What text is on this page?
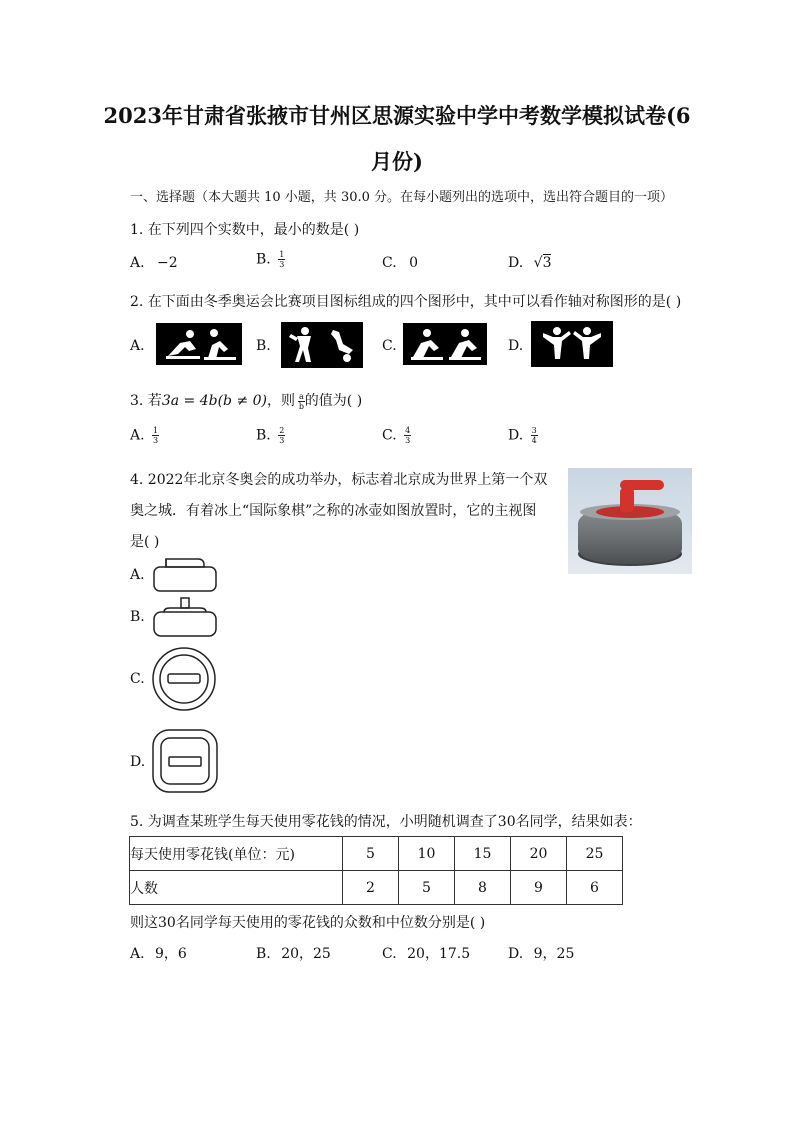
2023年甘肃省张掖市甘州区思源实验中学中考数学模拟试卷(6
月份)
一、选择题（本大题共 10 小题，共 30.0 分。在每小题列出的选项中，选出符合题目的一项）
1. 在下列四个实数中，最小的数是( )
A. −2	B. $\frac{1}{3}$	C. 0	D. √3
2. 在下面由冬季奥运会比赛项目图标组成的四个图形中，其中可以看作轴对称图形的是( )
A.	B.	C.	D.
3. 若3a = 4b(b ≠ 0)，则 $\frac{a}{b}$ 的值为( )
A. $\frac{1}{3}$	B. $\frac{2}{3}$	C. $\frac{4}{3}$	D. $\frac{3}{4}$
4. 2022年北京冬奥会的成功举办，标志着北京成为世界上第一个双
奥之城．有着冰上“国际象棋”之称的冰壶如图放置时，它的主视图
是( )
A.
B.
C.
D.
5. 为调查某班学生每天使用零花钱的情况，小明随机调查了30名同学，结果如表：
每天使用零花钱(单位：元)	5	10	15	20	25
人数	2	5	8	9	6
则这30名同学每天使用的零花钱的众数和中位数分别是( )
A. 9，6	B. 20，25	C. 20，17.5	D. 9，25
